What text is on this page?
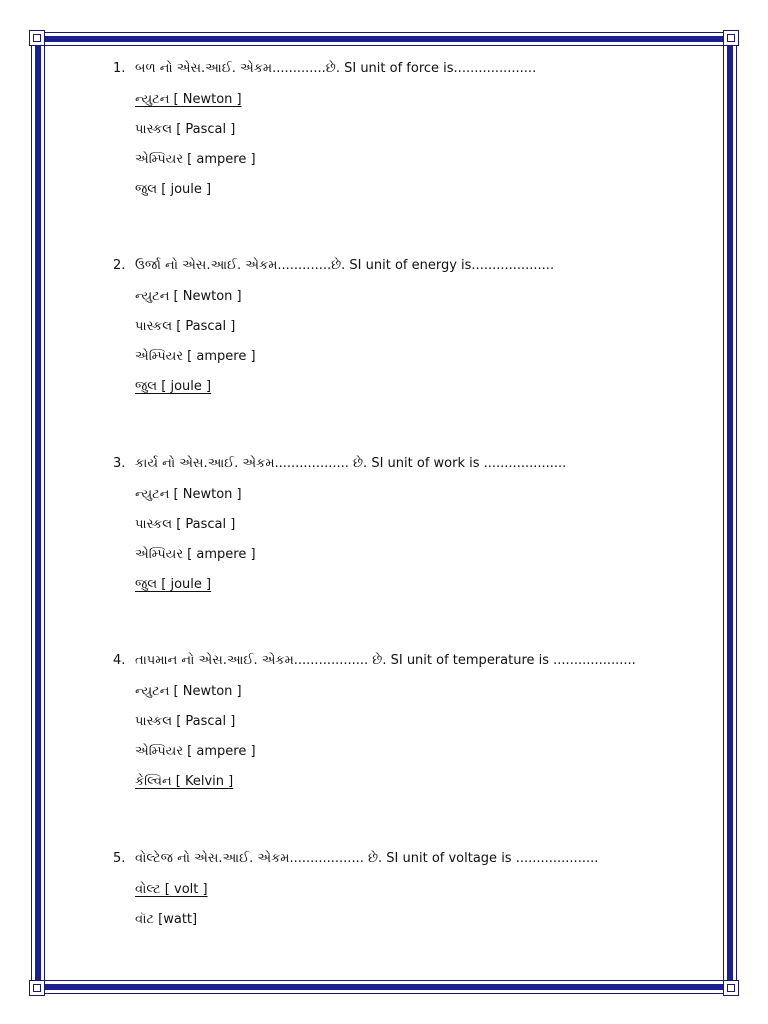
1. બળ નો એસ.આઈ. એકમ.............છે. SI unit of force is....................
ન્યુટન [ Newton ]
પાસ્કલ [ Pascal ]
એમ્પિયર [ ampere ]
જુલ [ joule ]
2. ઉર્જા નો એસ.આઈ. એકમ.............છે. SI unit of energy is....................
ન્યુટન [ Newton ]
પાસ્કલ [ Pascal ]
એમ્પિયર [ ampere ]
જુલ [ joule ]
3. કાર્ય નો એસ.આઈ. એકમ.................. છે. SI unit of work is ....................
ન્યુટન [ Newton ]
પાસ્કલ [ Pascal ]
એમ્પિયર [ ampere ]
જુલ [ joule ]
4. તાપમાન નો એસ.આઈ. એકમ.................. છે. SI unit of temperature is ....................
ન્યુટન [ Newton ]
પાસ્કલ [ Pascal ]
એમ્પિયર [ ampere ]
કેલ્વિન [ Kelvin ]
5. વોલ્ટેજ નો એસ.આઈ. એકમ.................. છે. SI unit of voltage is ....................
વોલ્ટ [ volt ]
વૉટ [watt]
